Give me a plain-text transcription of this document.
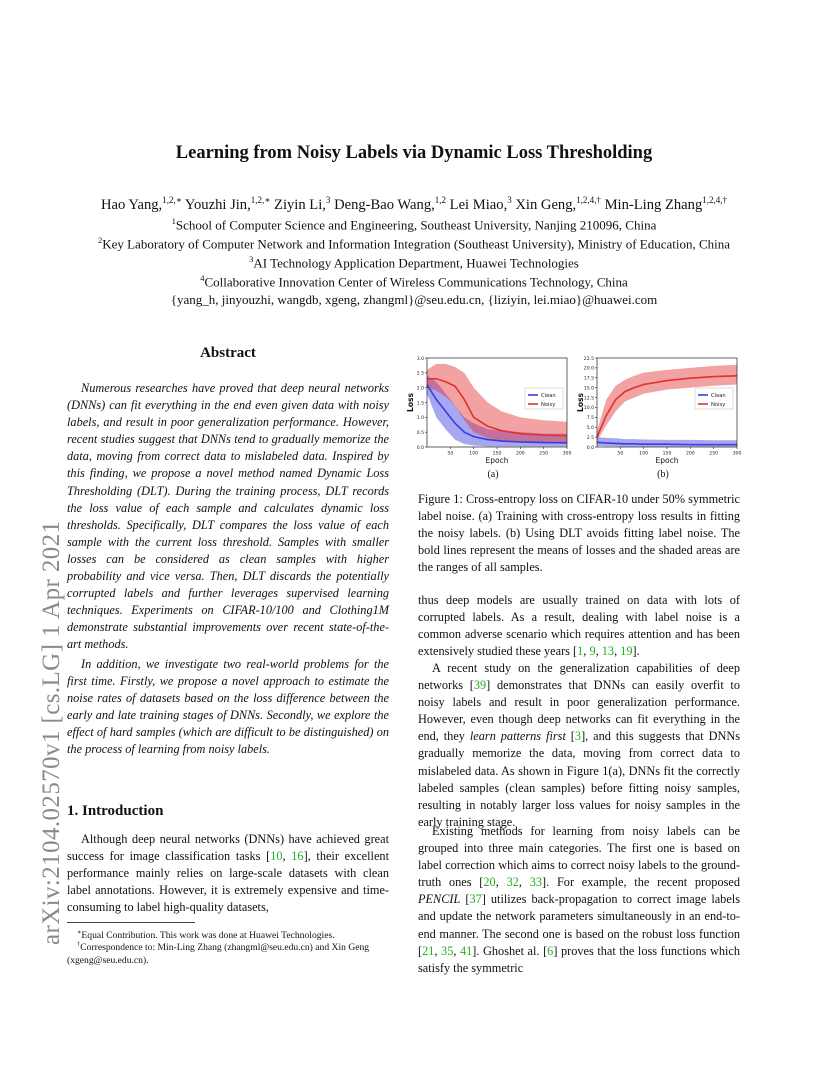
arXiv:2104.02570v1 [cs.LG] 1 Apr 2021
Learning from Noisy Labels via Dynamic Loss Thresholding
Hao Yang,$^{1,2,∗}$ Youzhi Jin,$^{1,2,∗}$ Ziyin Li,$^3$ Deng-Bao Wang,$^{1,2}$ Lei Miao,$^3$ Xin Geng,$^{1,2,4,\dagger}$ Min-Ling Zhang$^{1,2,4,\dagger}$
$^1$School of Computer Science and Engineering, Southeast University, Nanjing 210096, China
$^2$Key Laboratory of Computer Network and Information Integration (Southeast University), Ministry of Education, China
$^3$AI Technology Application Department, Huawei Technologies
$^4$Collaborative Innovation Center of Wireless Communications Technology, China
{yang_h, jinyouzhi, wangdb, xgeng, zhangml}@seu.edu.cn, {liziyin, lei.miao}@huawei.com
Abstract
Numerous researches have proved that deep neural networks (DNNs) can fit everything in the end even given data with noisy labels, and result in poor generalization performance. However, recent studies suggest that DNNs tend to gradually memorize the data, moving from correct data to mislabeled data. Inspired by this finding, we propose a novel method named Dynamic Loss Thresholding (DLT). During the training process, DLT records the loss value of each sample and calculates dynamic loss thresholds. Specifically, DLT compares the loss value of each sample with the current loss threshold. Samples with smaller losses can be considered as clean samples with higher probability and vice versa. Then, DLT discards the potentially corrupted labels and further leverages supervised learning techniques. Experiments on CIFAR-10/100 and Clothing1M demonstrate substantial improvements over recent state-of-the-art methods.
In addition, we investigate two real-world problems for the first time. Firstly, we propose a novel approach to estimate the noise rates of datasets based on the loss difference between the early and late training stages of DNNs. Secondly, we explore the effect of hard samples (which are difficult to be distinguished) on the process of learning from noisy labels.
1. Introduction
Although deep neural networks (DNNs) have achieved great success for image classification tasks [10, 16], their excellent performance mainly relies on large-scale datasets with clean label annotations. However, it is extremely expensive and time-consuming to label high-quality datasets,
∗Equal Contribution. This work was done at Huawei Technologies.
†Correspondence to: Min-Ling Zhang (zhangml@seu.edu.cn) and Xin Geng (xgeng@seu.edu.cn).
0.0
0.5
1.0
1.5
2.0
2.5
3.0
50	100	150	200	250	300
Epoch
Loss	Clean
Noisy
0.0
2.5
5.0
7.5
10.0
12.5
15.0
17.5
20.0
22.5
50	100	150	200	250	300
Epoch
Loss	Clean
Noisy
(a)	(b)
Figure 1: Cross-entropy loss on CIFAR-10 under 50% symmetric label noise. (a) Training with cross-entropy loss results in fitting the noisy labels. (b) Using DLT avoids fitting label noise. The bold lines represent the means of losses and the shaded areas are the ranges of all samples.
thus deep models are usually trained on data with lots of corrupted labels. As a result, dealing with label noise is a common adverse scenario which requires attention and has been extensively studied these years [1, 9, 13, 19].
A recent study on the generalization capabilities of deep networks [39] demonstrates that DNNs can easily overfit to noisy labels and result in poor generalization performance. However, even though deep networks can fit everything in the end, they learn patterns first [3], and this suggests that DNNs gradually memorize the data, moving from correct data to mislabeled data. As shown in Figure 1(a), DNNs fit the correctly labeled samples (clean samples) before fitting noisy samples, resulting in notably larger loss values for noisy samples in the early training stage.
Existing methods for learning from noisy labels can be grouped into three main categories. The first one is based on label correction which aims to correct noisy labels to the ground-truth ones [20, 32, 33]. For example, the recent proposed PENCIL [37] utilizes back-propagation to correct image labels and update the network parameters simultaneously in an end-to-end manner. The second one is based on the robust loss function [21, 35, 41]. Ghoshet al. [6] proves that the loss functions which satisfy the symmetric
